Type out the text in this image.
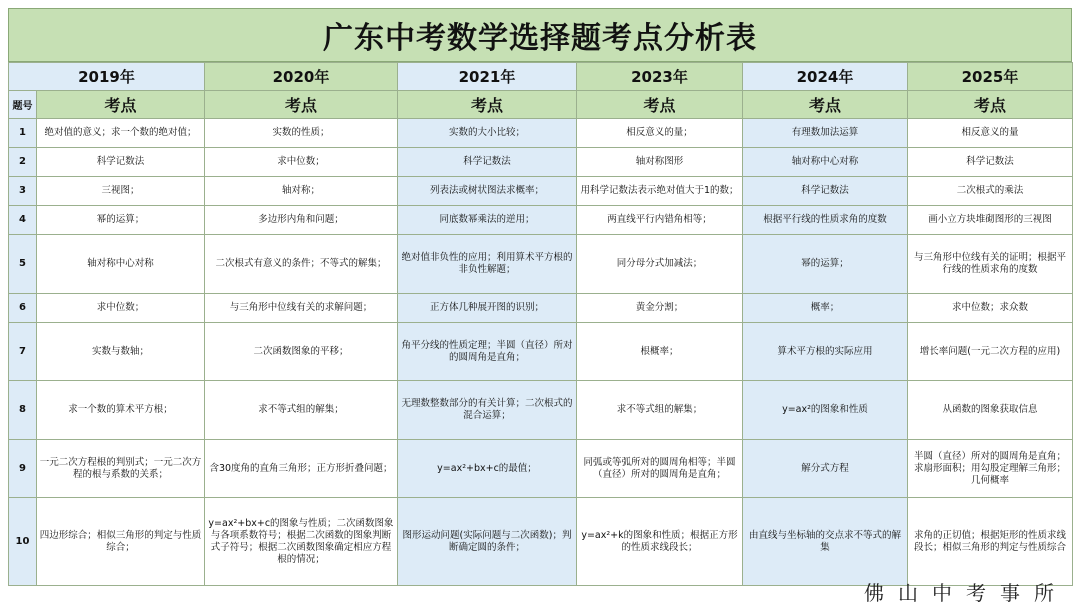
广东中考数学选择题考点分析表
2019年		2020年	2021年	2023年	2024年	2025年
题号	考点	考点	考点	考点	考点	考点
1	绝对值的意义；求一个数的绝对值；	实数的性质；	实数的大小比较；	相反意义的量；	有理数加法运算	相反意义的量
2	科学记数法	求中位数；	科学记数法	轴对称图形	轴对称中心对称	科学记数法
3	三视图；	轴对称；	列表法或树状图法求概率；	用科学记数法表示绝对值大于1的数；	科学记数法	二次根式的乘法
4	幂的运算；	多边形内角和问题；	同底数幂乘法的逆用；	两直线平行内错角相等；	根据平行线的性质求角的度数	画小立方块堆砌图形的三视图
5	轴对称中心对称	二次根式有意义的条件；不等式的解集；	绝对值非负性的应用；利用算术平方根的非负性解题；	同分母分式加减法；	幂的运算；	与三角形中位线有关的证明；根据平行线的性质求角的度数
6	求中位数；	与三角形中位线有关的求解问题；	正方体几种展开图的识别；	黄金分割；	概率；	求中位数；求众数
7	实数与数轴；	二次函数图象的平移；	角平分线的性质定理；半圆（直径）所对的圆周角是直角；	根概率；	算术平方根的实际应用	增长率问题(一元二次方程的应用)
8	求一个数的算术平方根；	求不等式组的解集；	无理数整数部分的有关计算；二次根式的混合运算；	求不等式组的解集；	y=ax²的图象和性质	从函数的图象获取信息
9	一元二次方程根的判别式；一元二次方程的根与系数的关系；	含30度角的直角三角形；正方形折叠问题；	y=ax²+bx+c的最值；	同弧或等弧所对的圆周角相等；半圆（直径）所对的圆周角是直角；	解分式方程	半圆（直径）所对的圆周角是直角；求扇形面积；用勾股定理解三角形；几何概率
10	四边形综合；相似三角形的判定与性质综合；	y=ax²+bx+c的图象与性质；二次函数图象与各项系数符号；根据二次函数的图象判断式子符号；根据二次函数图象确定相应方程根的情况；	图形运动问题(实际问题与二次函数)；判断确定圆的条件；	y=ax²+k的图象和性质；根据正方形的性质求线段长；	由直线与坐标轴的交点求不等式的解集	求角的正切值；根据矩形的性质求线段长；相似三角形的判定与性质综合
佛山中考事所
